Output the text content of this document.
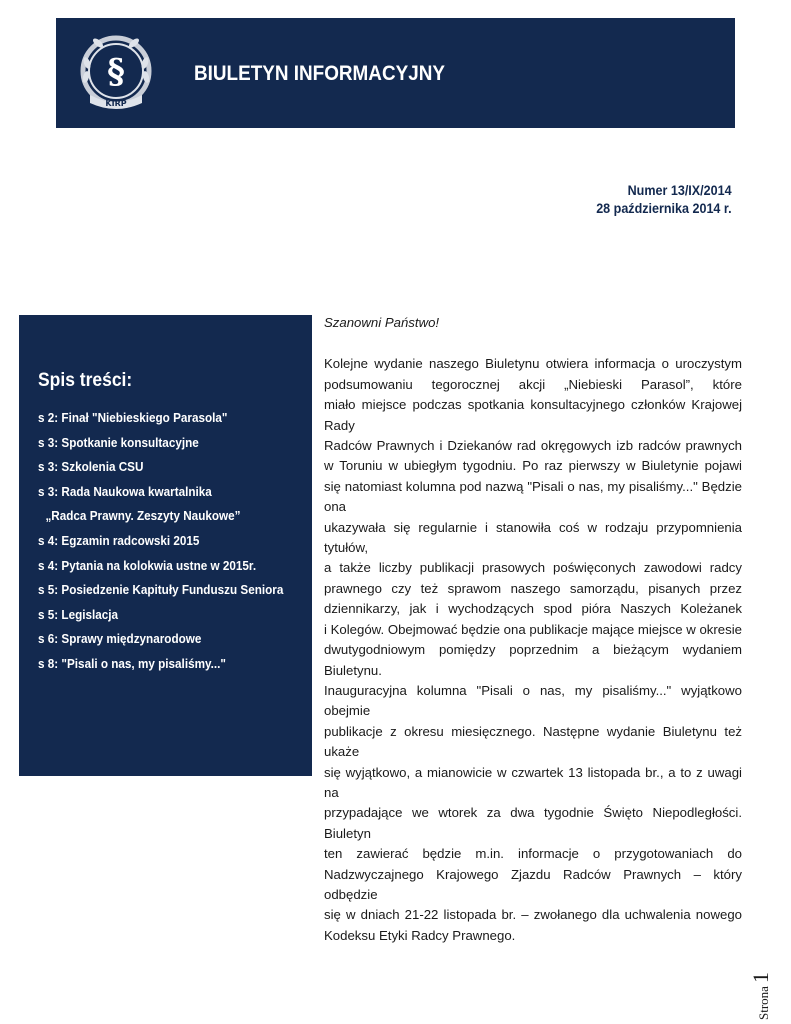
§
KIRP
BIULETYN INFORMACYJNY
Numer 13/IX/2014
28 października 2014 r.
Spis treści:
s 2: Finał "Niebieskiego Parasola"
s 3: Spotkanie konsultacyjne
s 3: Szkolenia CSU
s 3: Rada Naukowa kwartalnika
„Radca Prawny. Zeszyty Naukowe”
s 4: Egzamin radcowski 2015
s 4: Pytania na kolokwia ustne w 2015r.
s 5: Posiedzenie Kapituły Funduszu Seniora
s 5: Legislacja
s 6: Sprawy międzynarodowe
s 8: "Pisali o nas, my pisaliśmy..."
Szanowni Państwo!
Kolejne wydanie naszego Biuletynu otwiera informacja o uroczystym
podsumowaniu tegorocznej akcji „Niebieski Parasol”, które
miało miejsce podczas spotkania konsultacyjnego członków Krajowej Rady
Radców Prawnych i Dziekanów rad okręgowych izb radców prawnych
w Toruniu w ubiegłym tygodniu. Po raz pierwszy w Biuletynie pojawi
się natomiast kolumna pod nazwą "Pisali o nas, my pisaliśmy..." Będzie ona
ukazywała się regularnie i stanowiła coś w rodzaju przypomnienia tytułów,
a także liczby publikacji prasowych poświęconych zawodowi radcy
prawnego czy też sprawom naszego samorządu, pisanych przez
dziennikarzy, jak i wychodzących spod pióra Naszych Koleżanek
i Kolegów. Obejmować będzie ona publikacje mające miejsce w okresie
dwutygodniowym pomiędzy poprzednim a bieżącym wydaniem Biuletynu.
Inauguracyjna kolumna "Pisali o nas, my pisaliśmy..." wyjątkowo obejmie
publikacje z okresu miesięcznego. Następne wydanie Biuletynu też ukaże
się wyjątkowo, a mianowicie w czwartek 13 listopada br., a to z uwagi na
przypadające we wtorek za dwa tygodnie Święto Niepodległości. Biuletyn
ten zawierać będzie m.in. informacje o przygotowaniach do
Nadzwyczajnego Krajowego Zjazdu Radców Prawnych – który odbędzie
się w dniach 21-22 listopada br. – zwołanego dla uchwalenia nowego
Kodeksu Etyki Radcy Prawnego.
Strona1
